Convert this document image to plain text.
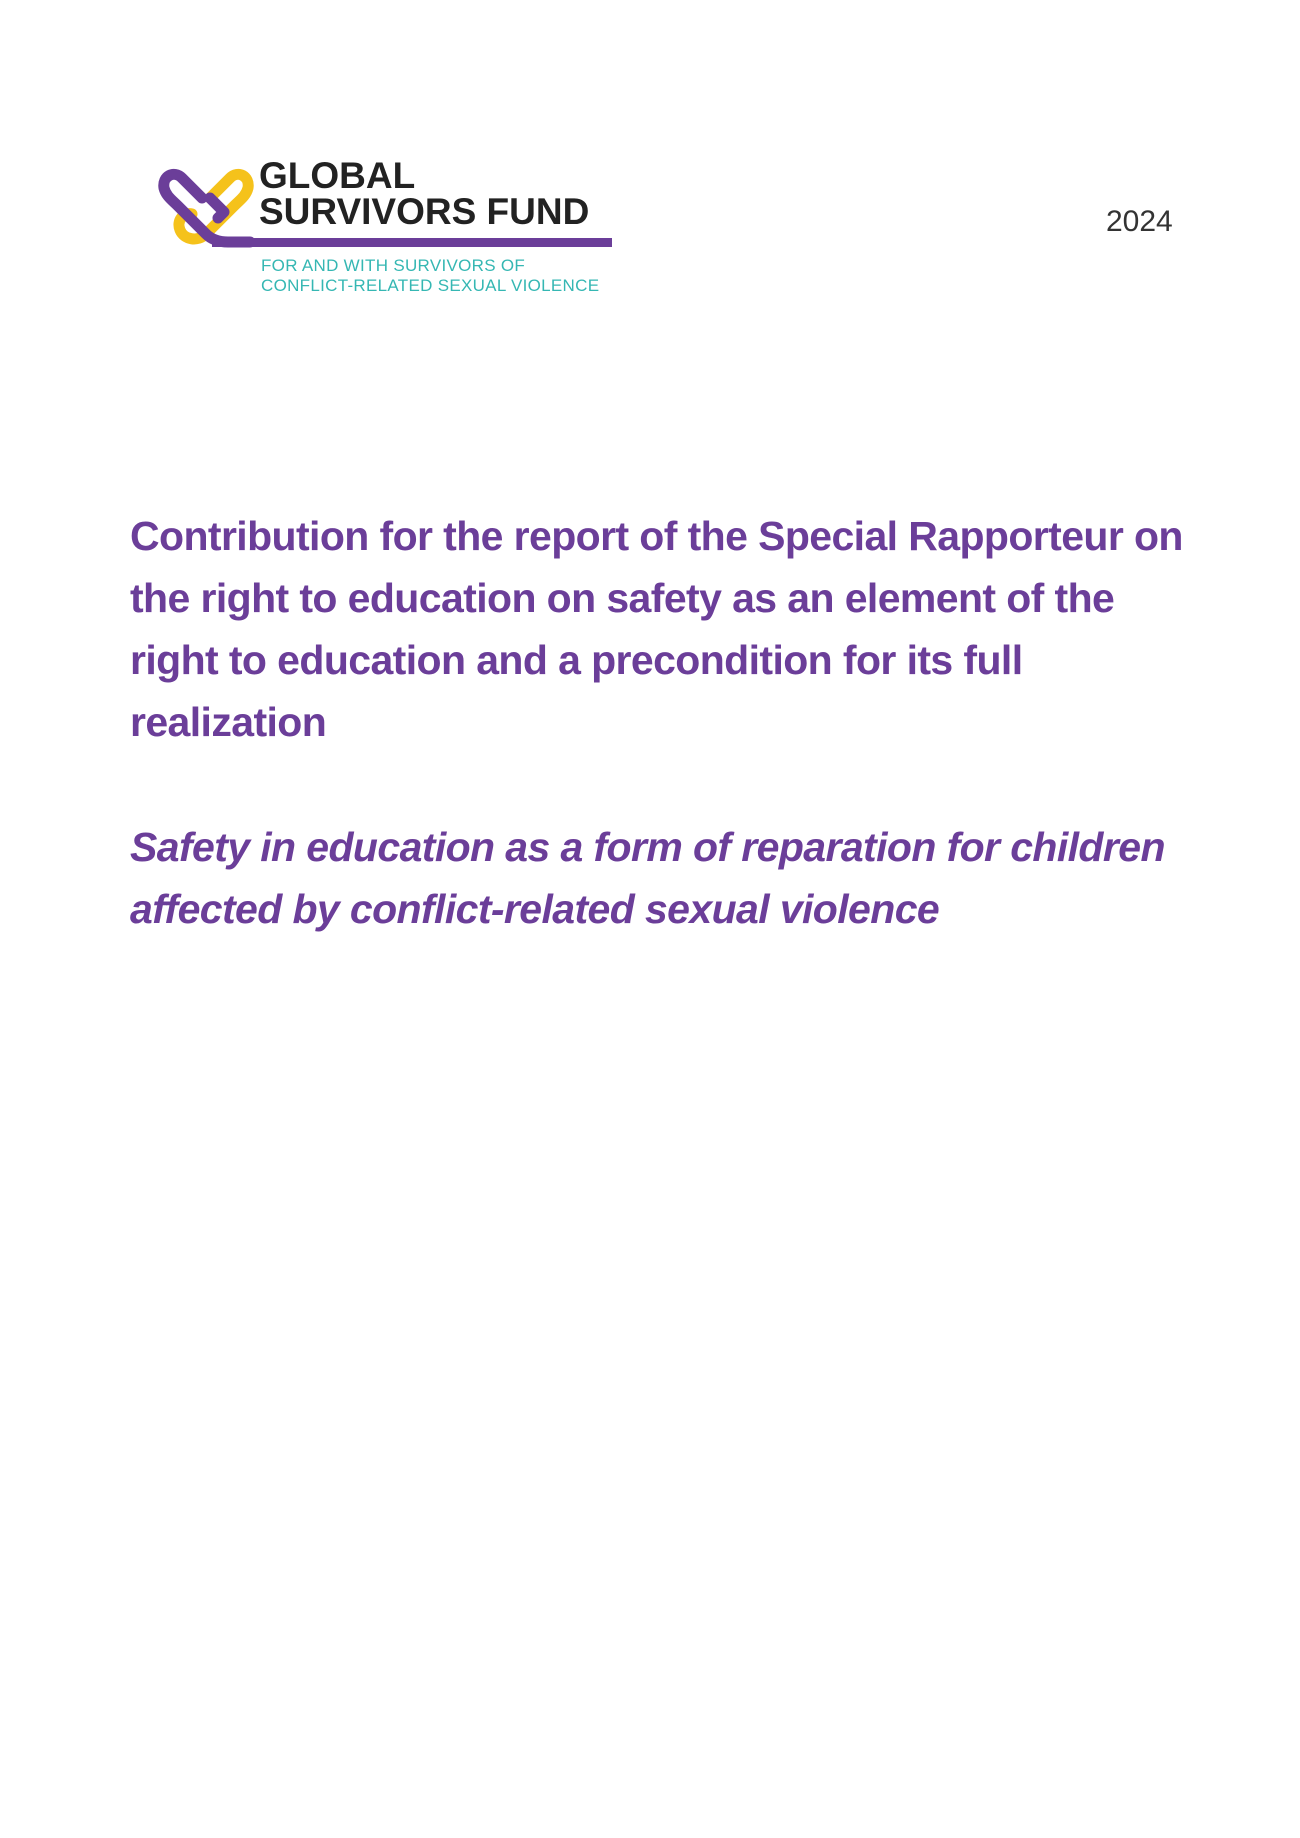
GLOBAL
SURVIVORS FUND
FOR AND WITH SURVIVORS OF
CONFLICT-RELATED SEXUAL VIOLENCE
2024
Contribution for the report of the Special Rapporteur on the right to education on safety as an element of the right to education and a precondition for its full realization
Safety in education as a form of reparation for children affected by conflict-related sexual violence
